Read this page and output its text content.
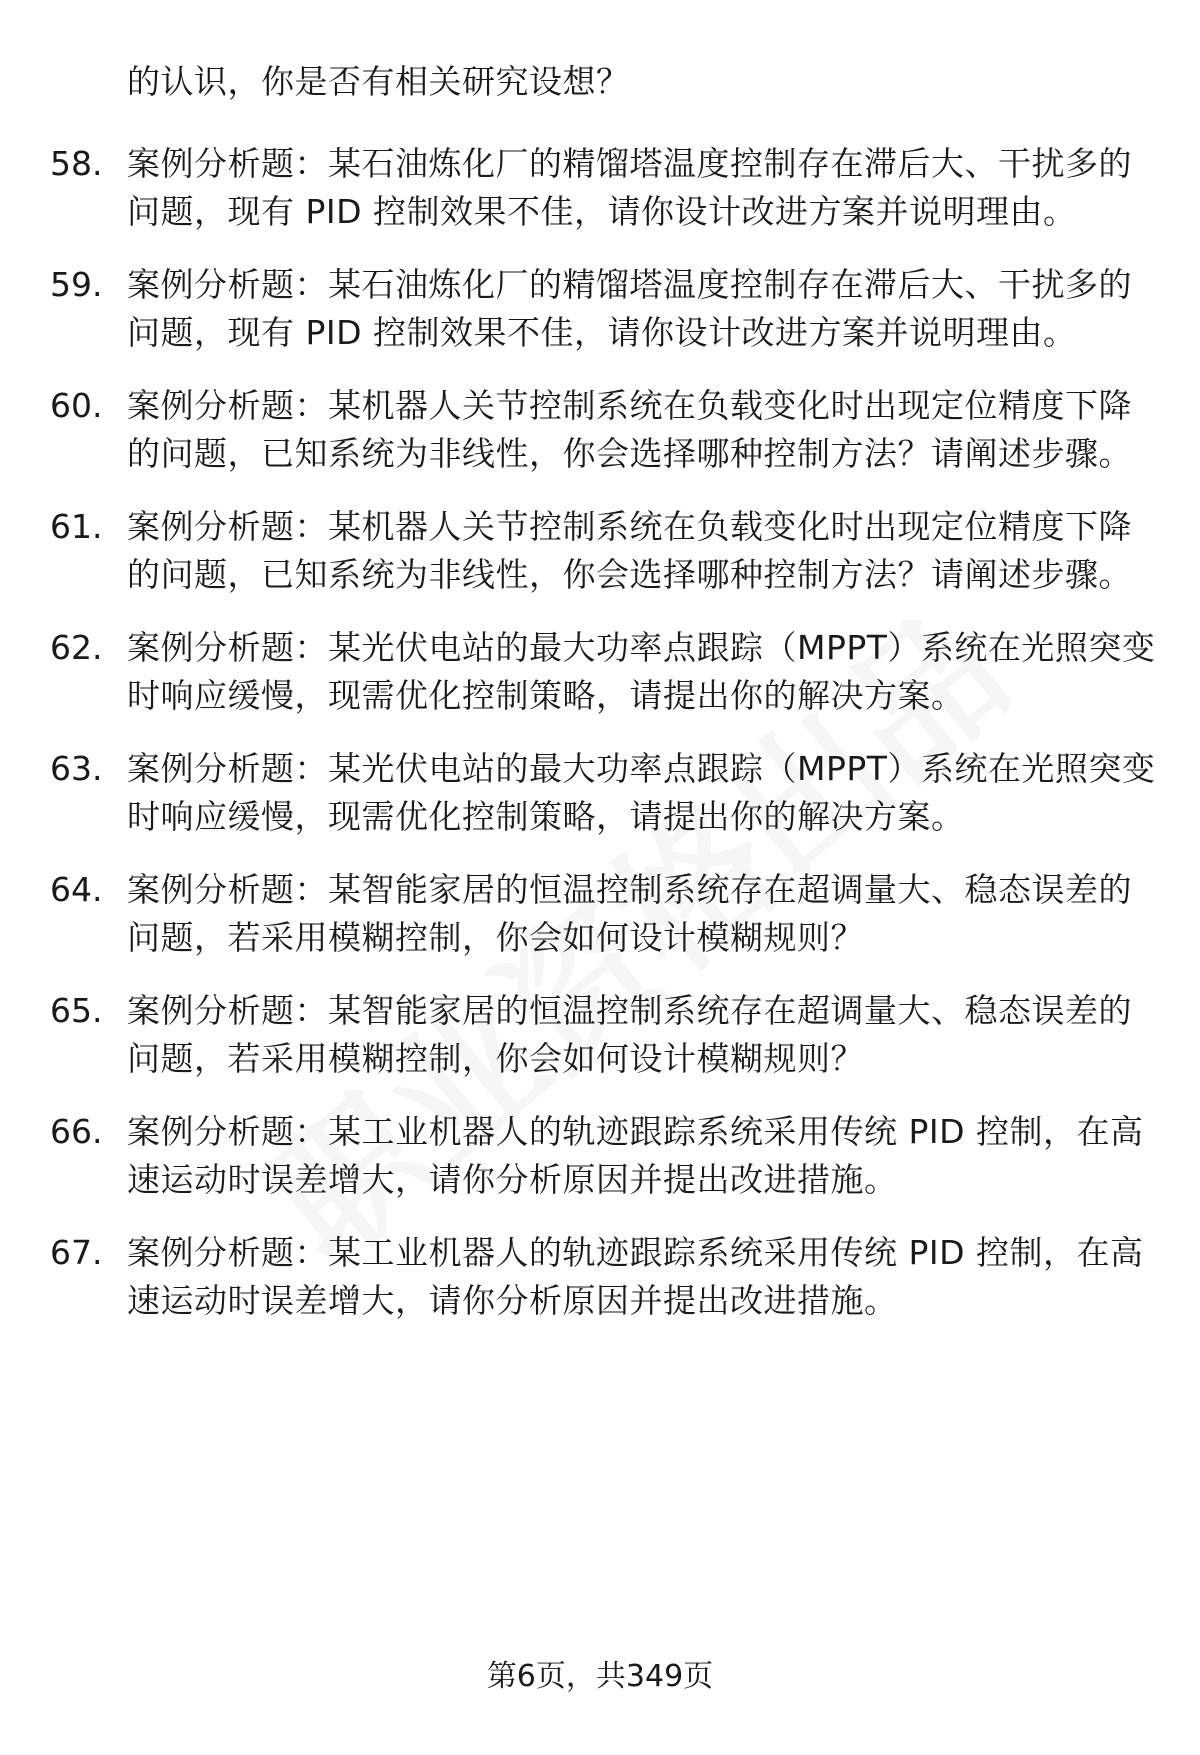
的认识，你是否有相关研究设想？
58. 案例分析题：某石油炼化厂的精馏塔温度控制存在滞后大、干扰多的问题，现有 PID 控制效果不佳，请你设计改进方案并说明理由。
59. 案例分析题：某石油炼化厂的精馏塔温度控制存在滞后大、干扰多的问题，现有 PID 控制效果不佳，请你设计改进方案并说明理由。
60. 案例分析题：某机器人关节控制系统在负载变化时出现定位精度下降的问题，已知系统为非线性，你会选择哪种控制方法？请阐述步骤。
61. 案例分析题：某机器人关节控制系统在负载变化时出现定位精度下降的问题，已知系统为非线性，你会选择哪种控制方法？请阐述步骤。
62. 案例分析题：某光伏电站的最大功率点跟踪（MPPT）系统在光照突变时响应缓慢，现需优化控制策略，请提出你的解决方案。
63. 案例分析题：某光伏电站的最大功率点跟踪（MPPT）系统在光照突变时响应缓慢，现需优化控制策略，请提出你的解决方案。
64. 案例分析题：某智能家居的恒温控制系统存在超调量大、稳态误差的问题，若采用模糊控制，你会如何设计模糊规则？
65. 案例分析题：某智能家居的恒温控制系统存在超调量大、稳态误差的问题，若采用模糊控制，你会如何设计模糊规则？
66. 案例分析题：某工业机器人的轨迹跟踪系统采用传统 PID 控制，在高速运动时误差增大，请你分析原因并提出改进措施。
67. 案例分析题：某工业机器人的轨迹跟踪系统采用传统 PID 控制，在高速运动时误差增大，请你分析原因并提出改进措施。
第6页，共349页
